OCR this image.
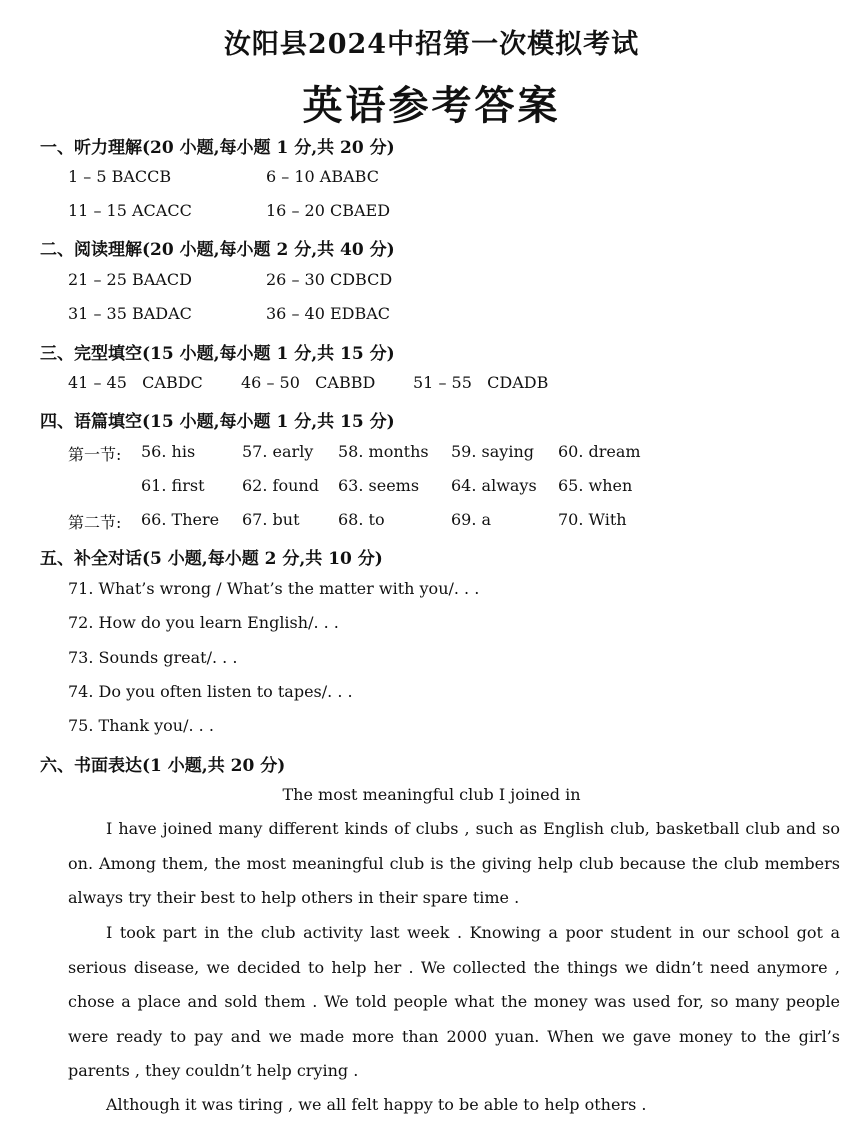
汝阳县2024中招第一次模拟考试
英语参考答案
一、听力理解(20 小题,每小题 1 分,共 20 分)
1 – 5 BACCB	6 – 10 ABABC
11 – 15 ACACC	16 – 20 CBAED
二、阅读理解(20 小题,每小题 2 分,共 40 分)
21 – 25 BAACD	26 – 30 CDBCD
31 – 35 BADAC	36 – 40 EDBAC
三、完型填空(15 小题,每小题 1 分,共 15 分)
41 – 45   CABDC 46 – 50   CABBD 51 – 55   CDADB
四、语篇填空(15 小题,每小题 1 分,共 15 分)
第一节: 56. his	57. early 58. months 59. saying 60. dream
61. first 62. found 63. seems 64. always 65. when
第二节: 66. There 67. but 68. to	69. a	70. With
五、补全对话(5 小题,每小题 2 分,共 10 分)
71. What’s wrong / What’s the matter with you/. . .
72. How do you learn English/. . .
73. Sounds great/. . .
74. Do you often listen to tapes/. . .
75. Thank you/. . .
六、书面表达(1 小题,共 20 分)
The most meaningful club I joined in

I have joined many different kinds of clubs , such as English club, basketball club and so on. Among them, the most meaningful club is the giving help club because the club members always try their best to help others in their spare time .

I took part in the club activity last week . Knowing a poor student in our school got a serious disease, we decided to help her . We collected the things we didn’t need anymore , chose a place and sold them . We told people what the money was used for, so many people were ready to pay and we made more than 2000 yuan. When we gave money to the girl’s parents , they couldn’t help crying .

Although it was tiring , we all felt happy to be able to help others .
